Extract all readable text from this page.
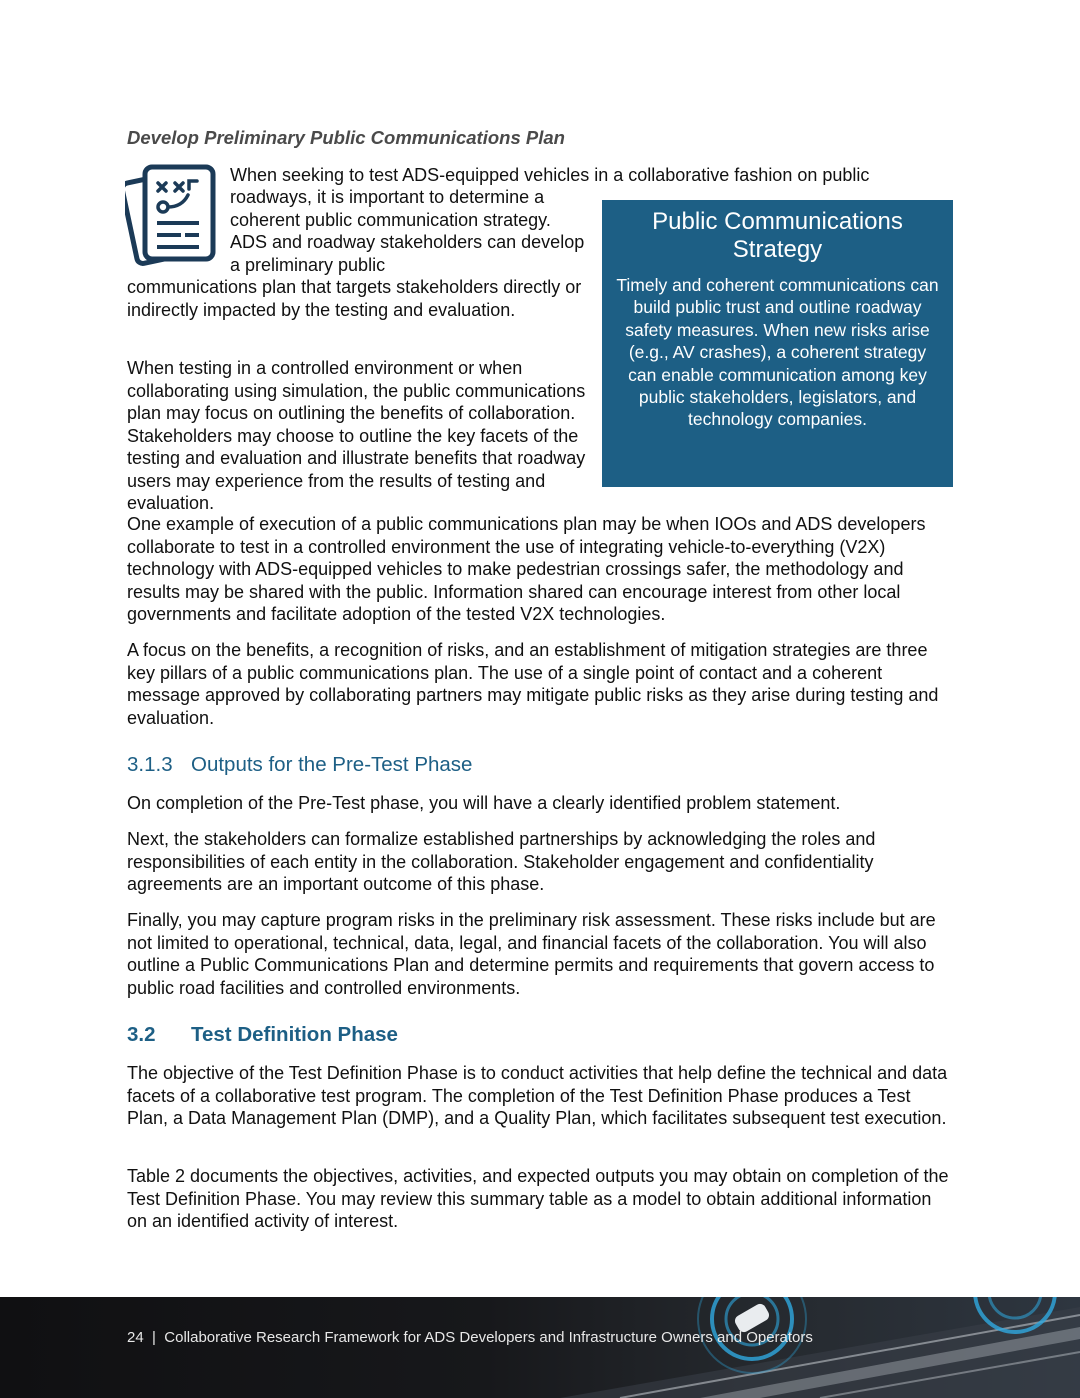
Develop Preliminary Public Communications Plan
When seeking to test ADS-equipped vehicles in a collaborative fashion on public
roadways, it is important to determine a coherent public communication strategy. ADS and roadway stakeholders can develop a preliminary public
communications plan that targets stakeholders directly or indirectly impacted by the testing and evaluation.
Public Communications Strategy
Timely and coherent communications can build public trust and outline roadway safety measures. When new risks arise (e.g., AV crashes), a coherent strategy can enable communication among key public stakeholders, legislators, and technology companies.

When testing in a controlled environment or when collaborating using simulation, the public communications plan may focus on outlining the benefits of collaboration. Stakeholders may choose to outline the key facets of the testing and evaluation and illustrate benefits that roadway users may experience from the results of testing and evaluation.

One example of execution of a public communications plan may be when IOOs and ADS developers collaborate to test in a controlled environment the use of integrating vehicle-to-everything (V2X) technology with ADS-equipped vehicles to make pedestrian crossings safer, the methodology and results may be shared with the public. Information shared can encourage interest from other local governments and facilitate adoption of the tested V2X technologies.

A focus on the benefits, a recognition of risks, and an establishment of mitigation strategies are three key pillars of a public communications plan. The use of a single point of contact and a coherent message approved by collaborating partners may mitigate public risks as they arise during testing and evaluation.

3.1.3 Outputs for the Pre-Test Phase

On completion of the Pre-Test phase, you will have a clearly identified problem statement.

Next, the stakeholders can formalize established partnerships by acknowledging the roles and responsibilities of each entity in the collaboration. Stakeholder engagement and confidentiality agreements are an important outcome of this phase.

Finally, you may capture program risks in the preliminary risk assessment. These risks include but are not limited to operational, technical, data, legal, and financial facets of the collaboration. You will also outline a Public Communications Plan and determine permits and requirements that govern access to public road facilities and controlled environments.

3.2 Test Definition Phase

The objective of the Test Definition Phase is to conduct activities that help define the technical and data facets of a collaborative test program. The completion of the Test Definition Phase produces a Test Plan, a Data Management Plan (DMP), and a Quality Plan, which facilitates subsequent test execution.

Table 2 documents the objectives, activities, and expected outputs you may obtain on completion of the Test Definition Phase. You may review this summary table as a model to obtain additional information on an identified activity of interest.

24 | Collaborative Research Framework for ADS Developers and Infrastructure Owners and Operators
